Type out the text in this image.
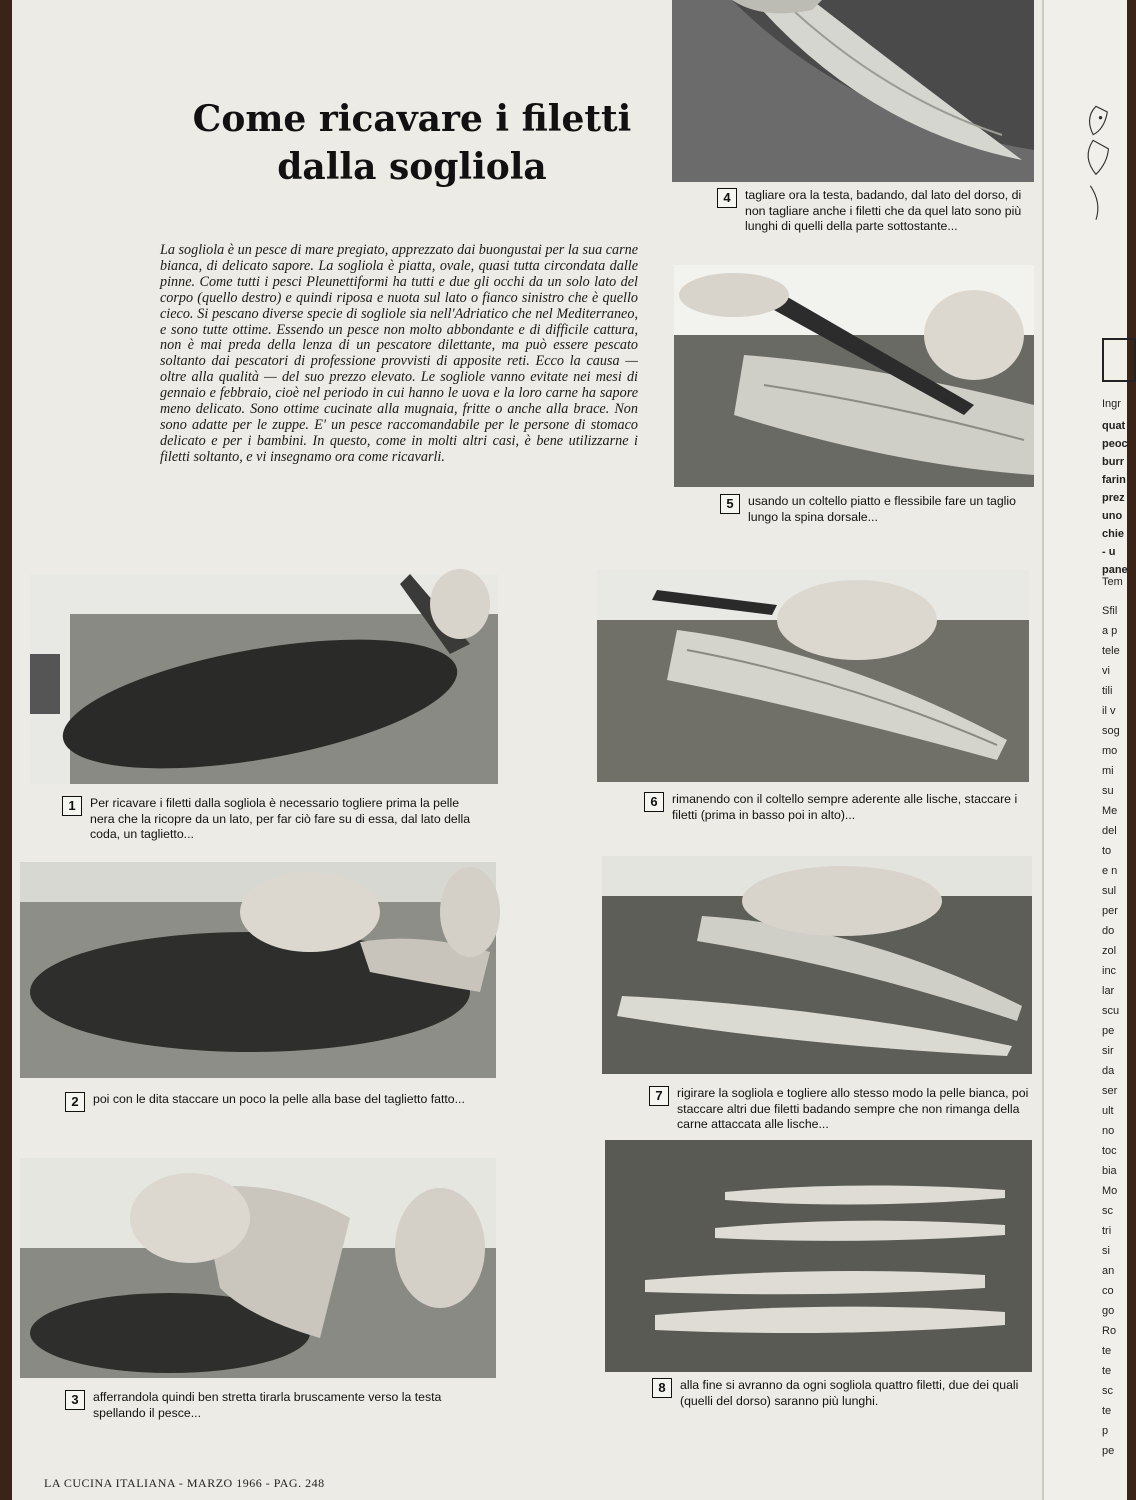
Come ricavare i filetti
dalla sogliola
La sogliola è un pesce di mare pregiato, apprezzato dai buongustai per la sua carne bianca, di delicato sapore. La sogliola è piatta, ovale, quasi tutta circondata dalle pinne. Come tutti i pesci Pleunettiformi ha tutti e due gli occhi da un solo lato del corpo (quello destro) e quindi riposa e nuota sul lato o fianco sinistro che è quello cieco. Si pescano diverse specie di sogliole sia nell'Adriatico che nel Mediterraneo, e sono tutte ottime. Essendo un pesce non molto abbondante e di difficile cattura, non è mai preda della lenza di un pescatore dilettante, ma può essere pescato soltanto dai pescatori di professione provvisti di apposite reti. Ecco la causa — oltre alla qualità — del suo prezzo elevato. Le sogliole vanno evitate nei mesi di gennaio e febbraio, cioè nel periodo in cui hanno le uova e la loro carne ha sapore meno delicato. Sono ottime cucinate alla mugnaia, fritte o anche alla brace. Non sono adatte per le zuppe. E' un pesce raccomandabile per le persone di stomaco delicato e per i bambini. In questo, come in molti altri casi, è bene utilizzarne i filetti soltanto, e vi insegnamo ora come ricavarli.
4	tagliare ora la testa, badando, dal lato del dorso, di non tagliare anche i filetti che da quel lato sono più lunghi di quelli della parte sottostante...
5	usando un coltello piatto e flessibile fare un taglio lungo la spina dorsale...
1	Per ricavare i filetti dalla sogliola è necessario togliere prima la pelle nera che la ricopre da un lato, per far ciò fare su di essa, dal lato della coda, un taglietto...
6	rimanendo con il coltello sempre aderente alle lische, staccare i filetti (prima in basso poi in alto)...
2	poi con le dita staccare un poco la pelle alla base del taglietto fatto...	7	rigirare la sogliola e togliere allo stesso modo la pelle bianca, poi staccare altri due filetti badando sempre che non rimanga della carne attaccata alle lische...
3	afferrandola quindi ben stretta tirarla bruscamente verso la testa spellando il pesce...
8	alla fine si avranno da ogni sogliola quattro filetti, due dei quali (quelli del dorso) saranno più lunghi.
LA CUCINA ITALIANA - MARZO 1966 - PAG. 248
Ingr
quat
peoc
burr
farin
prez
uno
chie
- u
pane
Tem
Sfil
a p
tele
vi
tili
il v
sog
mo
mi
su
Me
del
to
e n
sul
per
do
zol
inc
lar
scu
pe
sir
da
ser
ult
no
toc
bia
Mo
sc
tri
si
an
co
go
Ro
te
te
sc
te
p
pe
